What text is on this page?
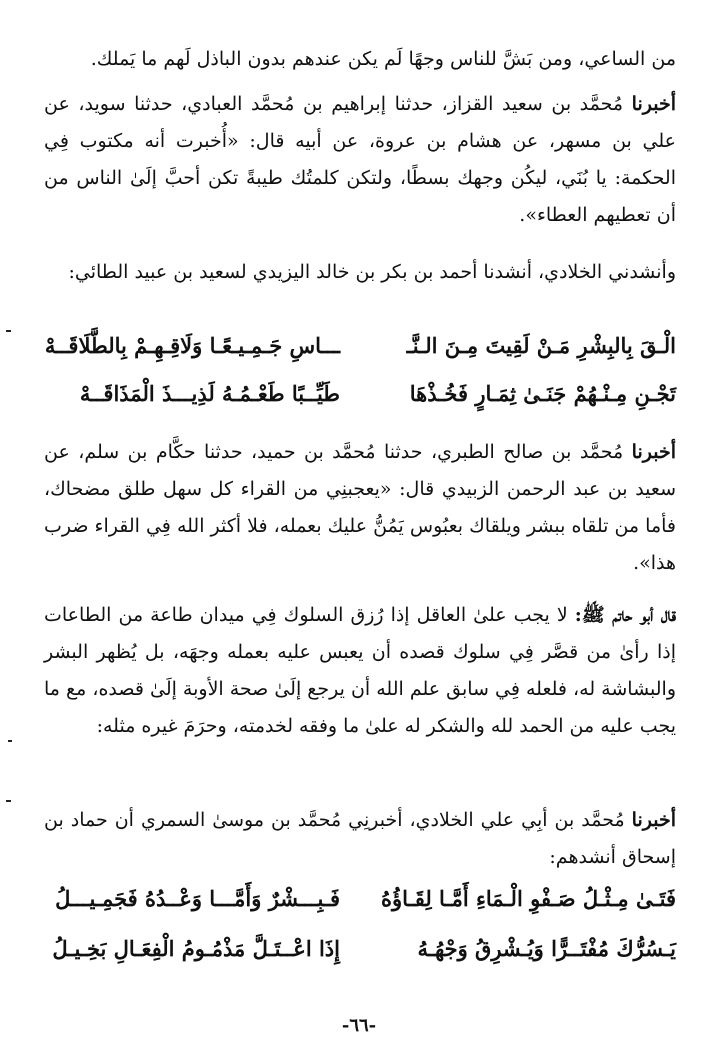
من الساعي، ومن بَشَّ للناس وجهًا لَم يكن عندهم بدون الباذل لَهم ما يَملك.

أخبرنا مُحمَّد بن سعيد القزاز، حدثنا إبراهيم بن مُحمَّد العبادي، حدثنا سويد، عن علي بن مسهر، عن هشام بن عروة، عن أبيه قال: «أُخبرت أنه مكتوب فِي الحكمة: يا بُنَي، ليكُن وجهك بسطًا، ولتكن كلمتُك طيبةً تكن أحبَّ إلَىٰ الناس من أن تعطيهم العطاء».

وأنشدني الخلادي، أنشدنا أحمد بن بكر بن خالد اليزيدي لسعيد بن عبيد الطائي:

الْـقَ بِالبِشْرِ مَـنْ لَقِيتَ مِـنَ الـنَّـ
ـــاسِ جَـمِـيـعًـا وَلَاقِـهِـمْ بِالطَّلَاقَــهْ
تَجْـنِ مِـنْـهُمْ جَنَـىٰ ثِمَـارٍ فَخُـذْهَا
طَيِّــبًا طَعْـمُـهُ لَذِيـــذَ الْمَذَاقَــهْ

أخبرنا مُحمَّد بن صالح الطبري، حدثنا مُحمَّد بن حميد، حدثنا حكَّام بن سلم، عن سعيد بن عبد الرحمن الزبيدي قال: «يعجبنِي من القراء كل سهل طلق مضحاك، فأما من تلقاه ببشر ويلقاك بعبُوس يَمُنُّ عليك بعمله، فلا أكثر الله فِي القراء ضرب هذا».

قال أبو حاتم ﷺ: لا يجب علىٰ العاقل إذا رُزق السلوك فِي ميدان طاعة من الطاعات إذا رأىٰ من قصَّر فِي سلوك قصده أن يعبس عليه بعمله وجهَه، بل يُظهر البشر والبشاشة له، فلعله فِي سابق علم الله أن يرجع إلَىٰ صحة الأوبة إلَىٰ قصده، مع ما يجب عليه من الحمد لله والشكر له علىٰ ما وفقه لخدمته، وحرَمَ غيره مثله:

أخبرنا مُحمَّد بن أبِي علي الخلادي، أخبرنِي مُحمَّد بن موسىٰ السمري أن حماد بن إسحاق أنشدهم:

فَتَـىٰ مِـثْـلُ صَـفْوِ الْـمَاءِ أَمَّـا لِقَـاؤُهُ
فَـبِـــشْرٌ وَأَمَّـــا وَعْــدُهُ فَجَمِـيـــلُ
يَـسُرُّكَ مُفْتَــرًّا وَيُـشْرِقُ وَجْهُـهُ
إِذَا اعْــتَـلَّ مَذْمُـومُ الْفِعَـالِ بَخِـيـلُ
-٦٦-
